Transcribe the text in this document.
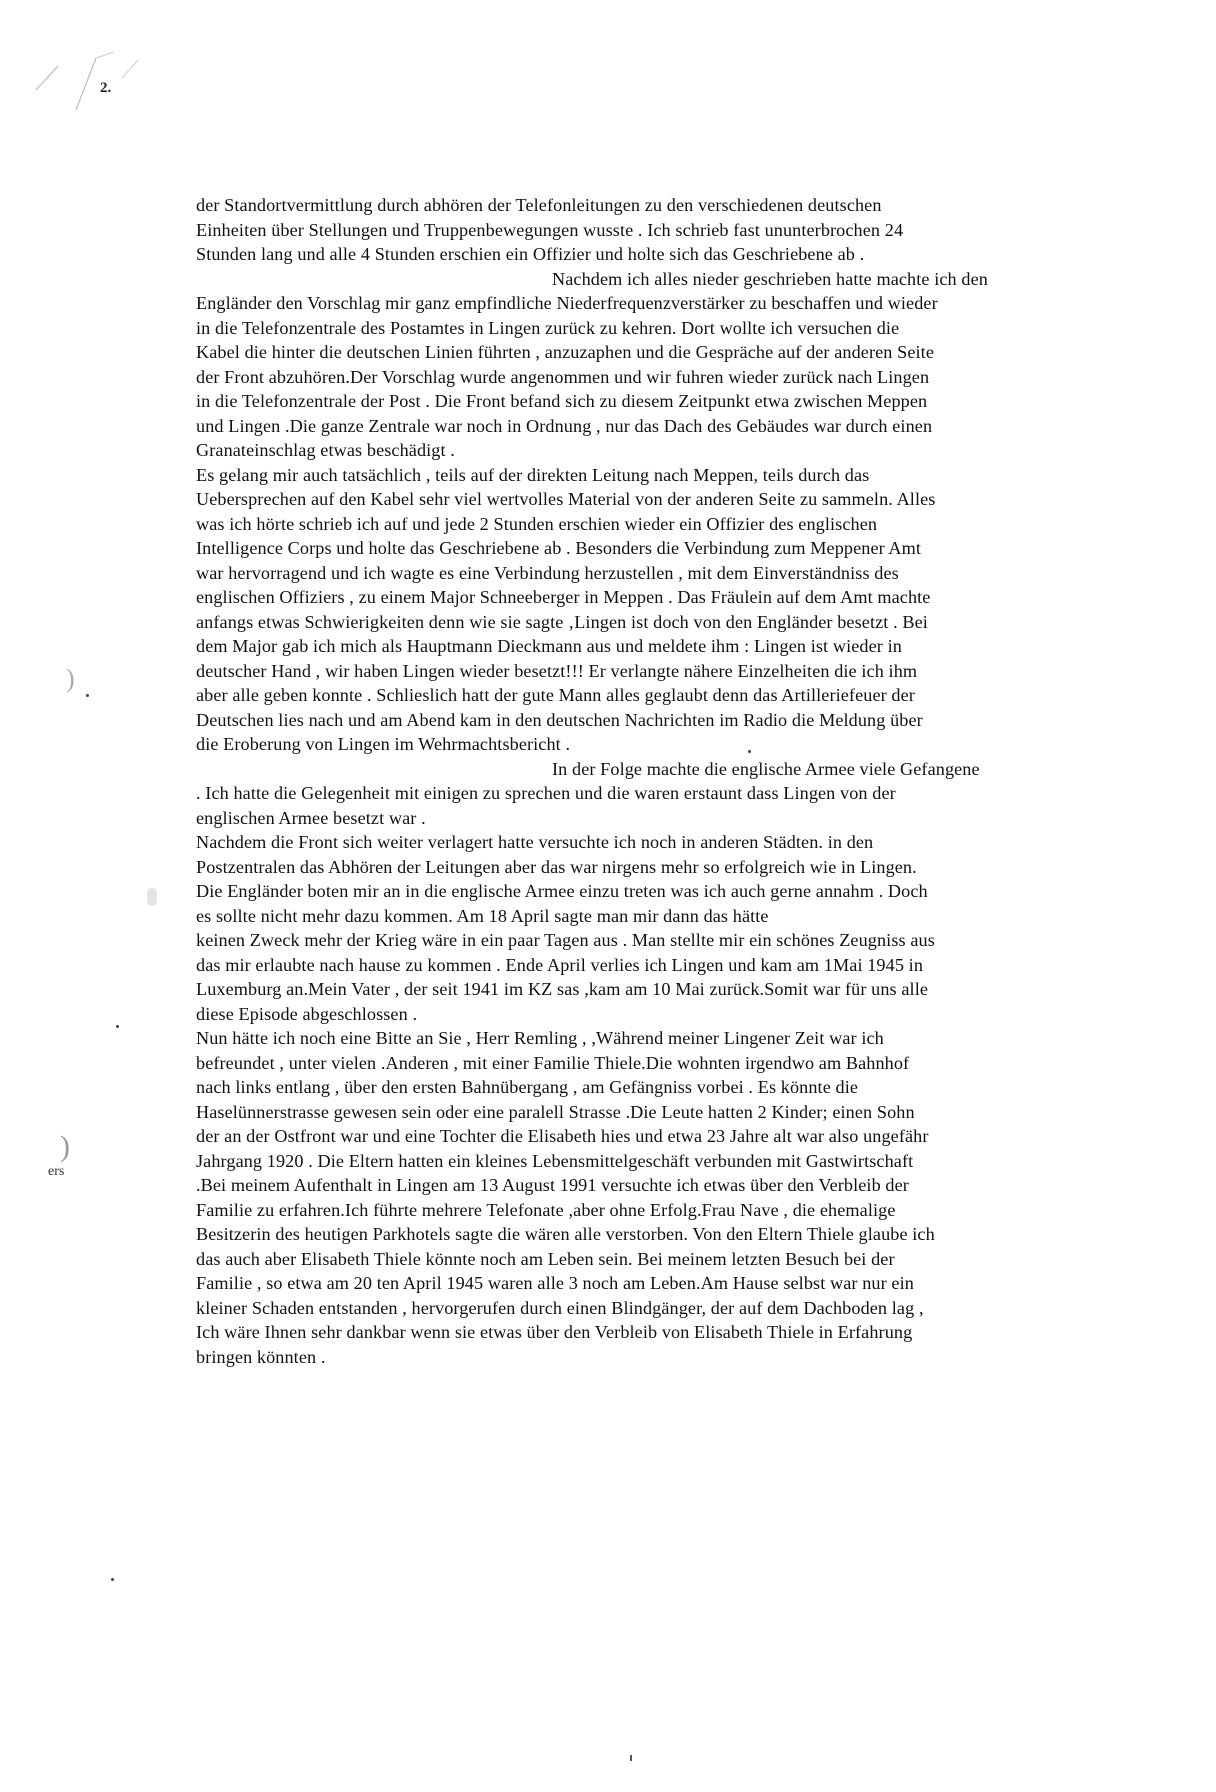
2.
der Standortvermittlung durch abhören der Telefonleitungen zu den verschiedenen deutschen
Einheiten über Stellungen und Truppenbewegungen wusste . Ich schrieb fast ununterbrochen 24
Stunden lang und alle 4 Stunden erschien ein Offizier und holte sich das Geschriebene ab .
Nachdem ich alles nieder geschrieben hatte machte ich den
Engländer den Vorschlag mir ganz empfindliche Niederfrequenzverstärker zu beschaffen und wieder
in die Telefonzentrale des Postamtes in Lingen zurück zu kehren. Dort wollte ich versuchen die
Kabel die hinter die deutschen Linien führten , anzuzaphen und die Gespräche auf der anderen Seite
der Front abzuhören.Der Vorschlag wurde angenommen und wir fuhren wieder zurück nach Lingen
in die Telefonzentrale der Post . Die Front befand sich zu diesem Zeitpunkt etwa zwischen Meppen
und Lingen .Die ganze Zentrale war noch in Ordnung , nur das Dach des Gebäudes war durch einen
Granateinschlag etwas beschädigt .
Es gelang mir auch tatsächlich , teils auf der direkten Leitung nach Meppen, teils durch das
Uebersprechen auf den Kabel sehr viel wertvolles Material von der anderen Seite zu sammeln. Alles
was ich hörte schrieb ich auf und jede 2 Stunden erschien wieder ein Offizier des englischen
Intelligence Corps und holte das Geschriebene ab . Besonders die Verbindung zum Meppener Amt
war hervorragend und ich wagte es eine Verbindung herzustellen , mit dem Einverständniss des
englischen Offiziers , zu einem Major Schneeberger in Meppen . Das Fräulein auf dem Amt machte
anfangs etwas Schwierigkeiten denn wie sie sagte ‚Lingen ist doch von den Engländer besetzt . Bei
dem Major gab ich mich als Hauptmann Dieckmann aus und meldete ihm : Lingen ist wieder in
deutscher Hand , wir haben Lingen wieder besetzt!!! Er verlangte nähere Einzelheiten die ich ihm
aber alle geben konnte . Schlieslich hatt der gute Mann alles geglaubt denn das Artilleriefeuer der
Deutschen lies nach und am Abend kam in den deutschen Nachrichten im Radio die Meldung über
die Eroberung von Lingen im Wehrmachtsbericht .
In der Folge machte die englische Armee viele Gefangene
. Ich hatte die Gelegenheit mit einigen zu sprechen und die waren erstaunt dass Lingen von der
englischen Armee besetzt war .
Nachdem die Front sich weiter verlagert hatte versuchte ich noch in anderen Städten. in den
Postzentralen das Abhören der Leitungen aber das war nirgens mehr so erfolgreich wie in Lingen.
Die Engländer boten mir an in die englische Armee einzu treten was ich auch gerne annahm . Doch
es sollte nicht mehr dazu kommen. Am 18 April sagte man mir dann das hätte
keinen Zweck mehr der Krieg wäre in ein paar Tagen aus . Man stellte mir ein schönes Zeugniss aus
das mir erlaubte nach hause zu kommen . Ende April verlies ich Lingen und kam am 1Mai 1945 in
Luxemburg an.Mein Vater , der seit 1941 im KZ sas ,kam am 10 Mai zurück.Somit war für uns alle
diese Episode abgeschlossen .
Nun hätte ich noch eine Bitte an Sie , Herr Remling , ,Während meiner Lingener Zeit war ich
befreundet , unter vielen .Anderen , mit einer Familie Thiele.Die wohnten irgendwo am Bahnhof
nach links entlang , über den ersten Bahnübergang , am Gefängniss vorbei . Es könnte die
Haselünnerstrasse gewesen sein oder eine paralell Strasse .Die Leute hatten 2 Kinder; einen Sohn
der an der Ostfront war und eine Tochter die Elisabeth hies und etwa 23 Jahre alt war also ungefähr
Jahrgang 1920 . Die Eltern hatten ein kleines Lebensmittelgeschäft verbunden mit Gastwirtschaft
.Bei meinem Aufenthalt in Lingen am 13 August 1991 versuchte ich etwas über den Verbleib der
Familie zu erfahren.Ich führte mehrere Telefonate ,aber ohne Erfolg.Frau Nave , die ehemalige
Besitzerin des heutigen Parkhotels sagte die wären alle verstorben. Von den Eltern Thiele glaube ich
das auch aber Elisabeth Thiele könnte noch am Leben sein. Bei meinem letzten Besuch bei der
Familie , so etwa am 20 ten April 1945 waren alle 3 noch am Leben.Am Hause selbst war nur ein
kleiner Schaden entstanden , hervorgerufen durch einen Blindgänger, der auf dem Dachboden lag ,
Ich wäre Ihnen sehr dankbar wenn sie etwas über den Verbleib von Elisabeth Thiele in Erfahrung
bringen könnten .
)
)
ers
